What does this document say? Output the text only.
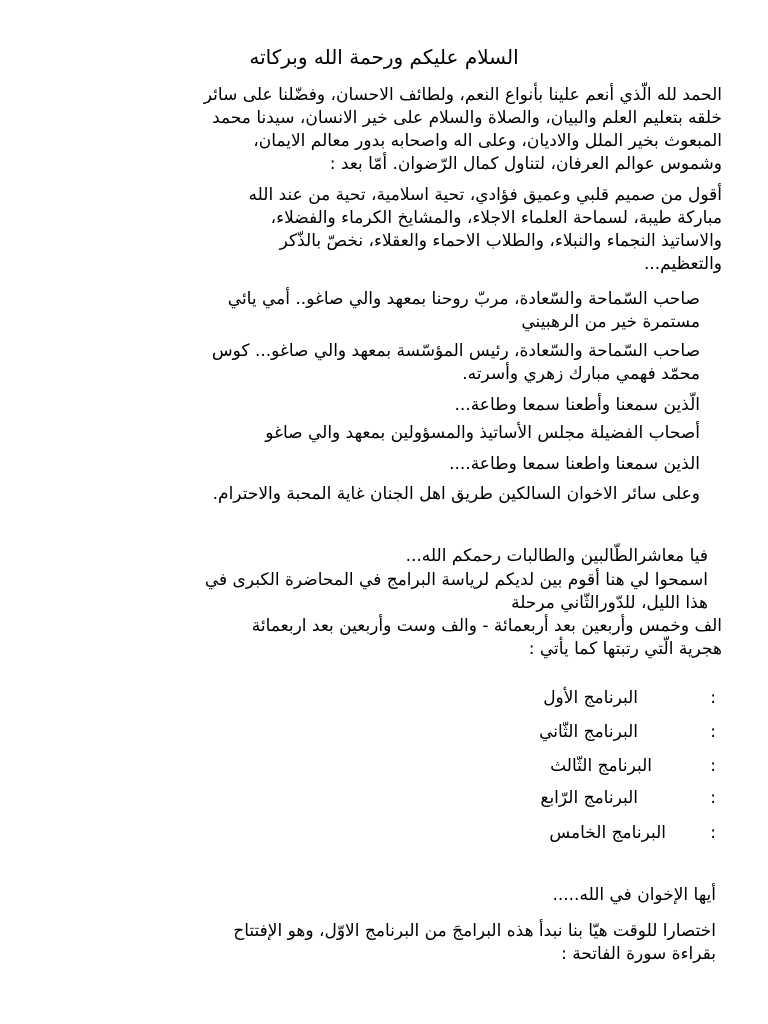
السلام عليكم ورحمة الله وبركاته
الحمد لله الّذي أنعم علينا بأنواع النعم، ولطائف الاحسان، وفضّلنا على سائر
خلقه بتعليم العلم والبيان، والصلاة والسلام على خير الانسان، سيدنا محمد
المبعوث بخير الملل والاديان، وعلى اله واصحابه بدور معالم الايمان،
وشموس عوالم العرفان، لتناول كمال الرّضوان. أمّا بعد :
أقول من صميم قلبي وعميق فؤادي، تحية اسلامية، تحية من عند الله
مباركة طيبة، لسماحة العلماء الاجلاء، والمشايخ الكرماء والفضلاء،
والاساتيذ النجماء والنبلاء، والطلاب الاحماء والعقلاء، نخصّ بالذّكر
والتعظيم...
صاحب السّماحة والسّعادة، مربّ روحنا بمعهد والي صاغو.. أمي يائي
مستمرة خير من الرهبيني
صاحب السّماحة والسّعادة، رئيس المؤسّسة بمعهد والي صاغو... كوس
محمّد فهمي مبارك زهري وأسرته.
الّذين سمعنا وأطعنا سمعا وطاعة...
أصحاب الفضيلة مجلس الأساتيذ والمسؤولين بمعهد والي صاغو
الذين سمعنا واطعنا سمعا وطاعة....
وعلى سائر الاخوان السالكين طريق اهل الجنان غاية المحبة والاحترام.
فيا معاشرالطّالبين والطالبات رحمكم الله...
اسمحوا لي هنا أقوم بين لديكم لرياسة البرامج في المحاضرة الكبرى في
هذا الليل، للدّورالثّاني مرحلة
الف وخمس وأربعين بعد أربعمائة - والف وست وأربعين بعد اربعمائة
هجرية الّتي رتبتها كما يأتي :
:
البرنامج الأول
:
البرنامج الثّاني
:
البرنامج الثّالث
:
البرنامج الرّابع
:
البرنامج الخامس
أيها الإخوان في الله.....
اختصارا للوقت هيّا بنا نبدأ هذه البرامجَ من البرنامج الاوّل، وهو الإفتتاح
بقراءة سورة الفاتحة :
